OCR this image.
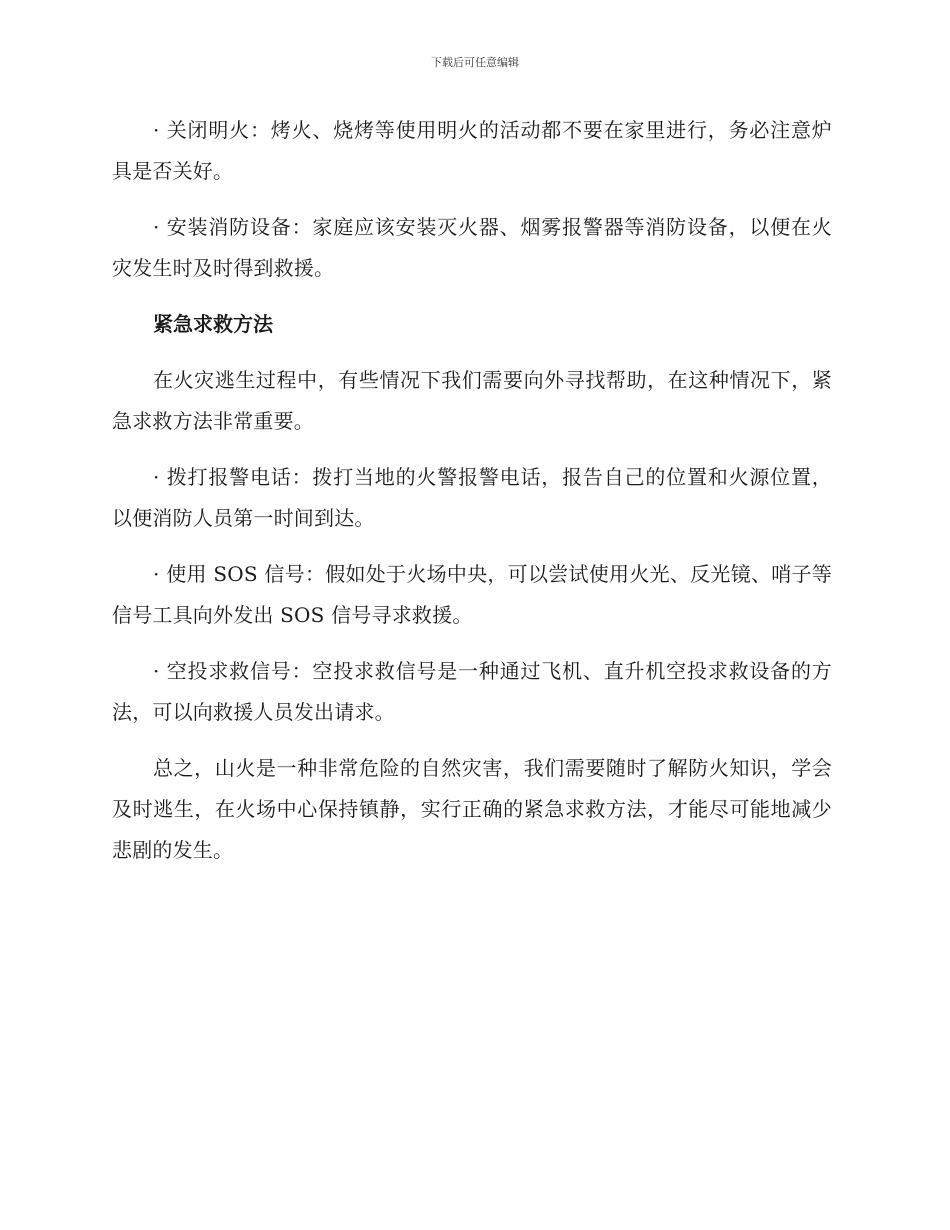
下载后可任意编辑

· 关闭明火：烤火、烧烤等使用明火的活动都不要在家里进行，务必注意炉具是否关好。

· 安装消防设备：家庭应该安装灭火器、烟雾报警器等消防设备，以便在火灾发生时及时得到救援。

紧急求救方法

在火灾逃生过程中，有些情况下我们需要向外寻找帮助，在这种情况下，紧急求救方法非常重要。

· 拨打报警电话：拨打当地的火警报警电话，报告自己的位置和火源位置，以便消防人员第一时间到达。

· 使用 SOS 信号：假如处于火场中央，可以尝试使用火光、反光镜、哨子等信号工具向外发出 SOS 信号寻求救援。

· 空投求救信号：空投求救信号是一种通过飞机、直升机空投求救设备的方法，可以向救援人员发出请求。

总之，山火是一种非常危险的自然灾害，我们需要随时了解防火知识，学会及时逃生，在火场中心保持镇静，实行正确的紧急求救方法，才能尽可能地减少悲剧的发生。
